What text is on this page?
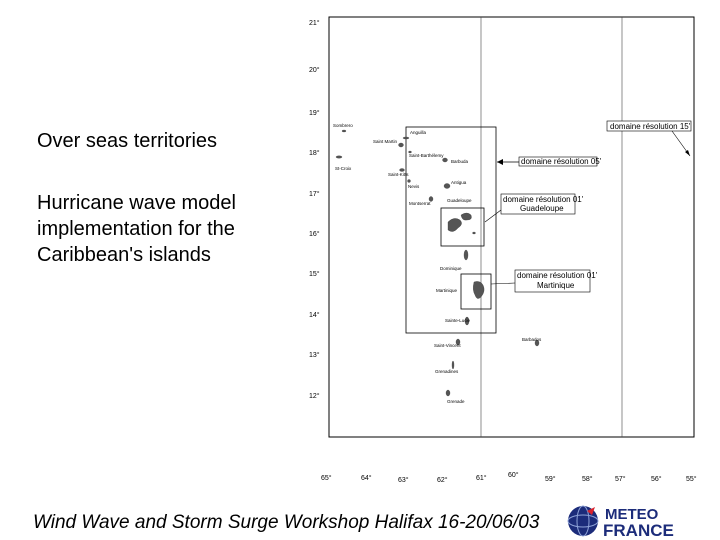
21°
20°
19°
18°
17°
16°
15°
14°
13°
12°
65°	64°	63°	62°	61°	60°
59°	58°	57°	56°	55°
domaine résolution 15'
domaine résolution 05'
domaine résolution 01'
Guadeloupe
domaine résolution 01'
Martinique
Sombrero
St-Croix
Anguilla
Saint Martin
Saint-Barthélemy
Barbuda
Saint-Kitts
Antigua
Nevis
Montserrat
Guadeloupe
Dominique
Martinique
Sainte-Lucie
Barbados
Saint-Vincent
Grenadines
Grenade
Over seas territories
Hurricane wave model
implementation for the
Caribbean's islands
Wind Wave and Storm Surge Workshop Halifax 16-20/06/03	METEO
FRANCE
